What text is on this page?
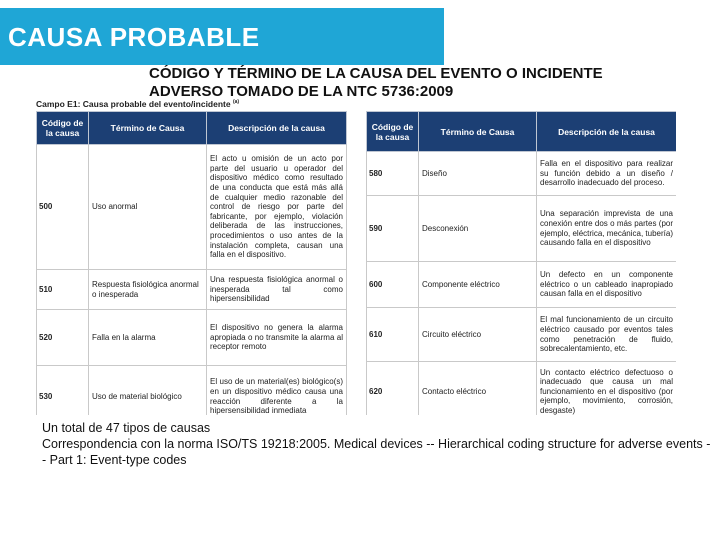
CAUSA PROBABLE
CÓDIGO Y TÉRMINO DE LA CAUSA DEL EVENTO O INCIDENTE
ADVERSO TOMADO DE LA NTC 5736:2009
Campo E1: Causa probable del evento/incidente $^{(a)}$
Código de la causa	Término de Causa	Descripción de la causa
500	Uso anormal	El acto u omisión de un acto por parte del usuario u operador del dispositivo médico como resultado de una conducta que está más allá de cualquier medio razonable del control de riesgo por parte del fabricante, por ejemplo, violación deliberada de las instrucciones, procedimientos o uso antes de la instalación completa, causan una falla en el dispositivo.
510	Respuesta fisiológica anormal o inesperada	Una respuesta fisiológica anormal o inesperada tal como hipersensibilidad
520	Falla en la alarma	El dispositivo no genera la alarma apropiada o no transmite la alarma al receptor remoto
530	Uso de material biológico	El uso de un material(es) biológico(s) en un dispositivo médico causa una reacción diferente a la hipersensibilidad inmediata
Código de la causa	Término de Causa	Descripción de la causa
580	Diseño	Falla en el dispositivo para realizar su función debido a un diseño / desarrollo inadecuado del proceso.
590	Desconexión	Una separación imprevista de una conexión entre dos o más partes (por ejemplo, eléctrica, mecánica, tubería) causando falla en el dispositivo
600	Componente eléctrico	Un defecto en un componente eléctrico o un cableado inapropiado causan falla en el dispositivo
610	Circuito eléctrico	El mal funcionamiento de un circuito eléctrico causado por eventos tales como penetración de fluido, sobrecalentamiento, etc.
620	Contacto eléctrico	Un contacto eléctrico defectuoso o inadecuado que causa un mal funcionamiento en el dispositivo (por ejemplo, movimiento, corrosión, desgaste)
Un total de 47 tipos de causas
Correspondencia con la norma ISO/TS 19218:2005. Medical devices -- Hierarchical coding structure for adverse events -- Part 1: Event-type codes
